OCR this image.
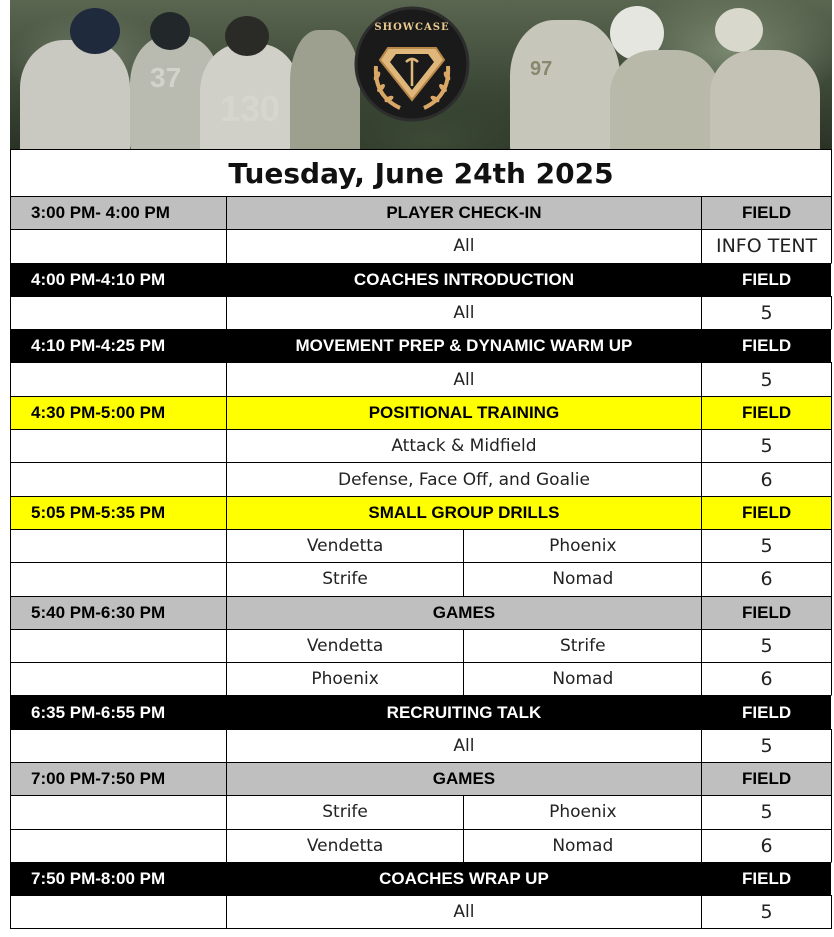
37
130
97
SHOWCASE
Tuesday, June 24th 2025
3:00 PM- 4:00 PM	PLAYER CHECK-IN	FIELD
All	INFO TENT
4:00 PM-4:10 PM	COACHES INTRODUCTION	FIELD
All	5
4:10 PM-4:25 PM	MOVEMENT PREP & DYNAMIC WARM UP	FIELD
All	5
4:30 PM-5:00 PM	POSITIONAL TRAINING	FIELD
Attack & Midfield	5
Defense, Face Off, and Goalie	6
5:05 PM-5:35 PM	SMALL GROUP DRILLS	FIELD
Vendetta	Phoenix	5
Strife	Nomad	6
5:40 PM-6:30 PM	GAMES	FIELD
Vendetta	Strife	5
Phoenix	Nomad	6
6:35 PM-6:55 PM	RECRUITING TALK	FIELD
All	5
7:00 PM-7:50 PM	GAMES	FIELD
Strife	Phoenix	5
Vendetta	Nomad	6
7:50 PM-8:00 PM	COACHES WRAP UP	FIELD
All	5
